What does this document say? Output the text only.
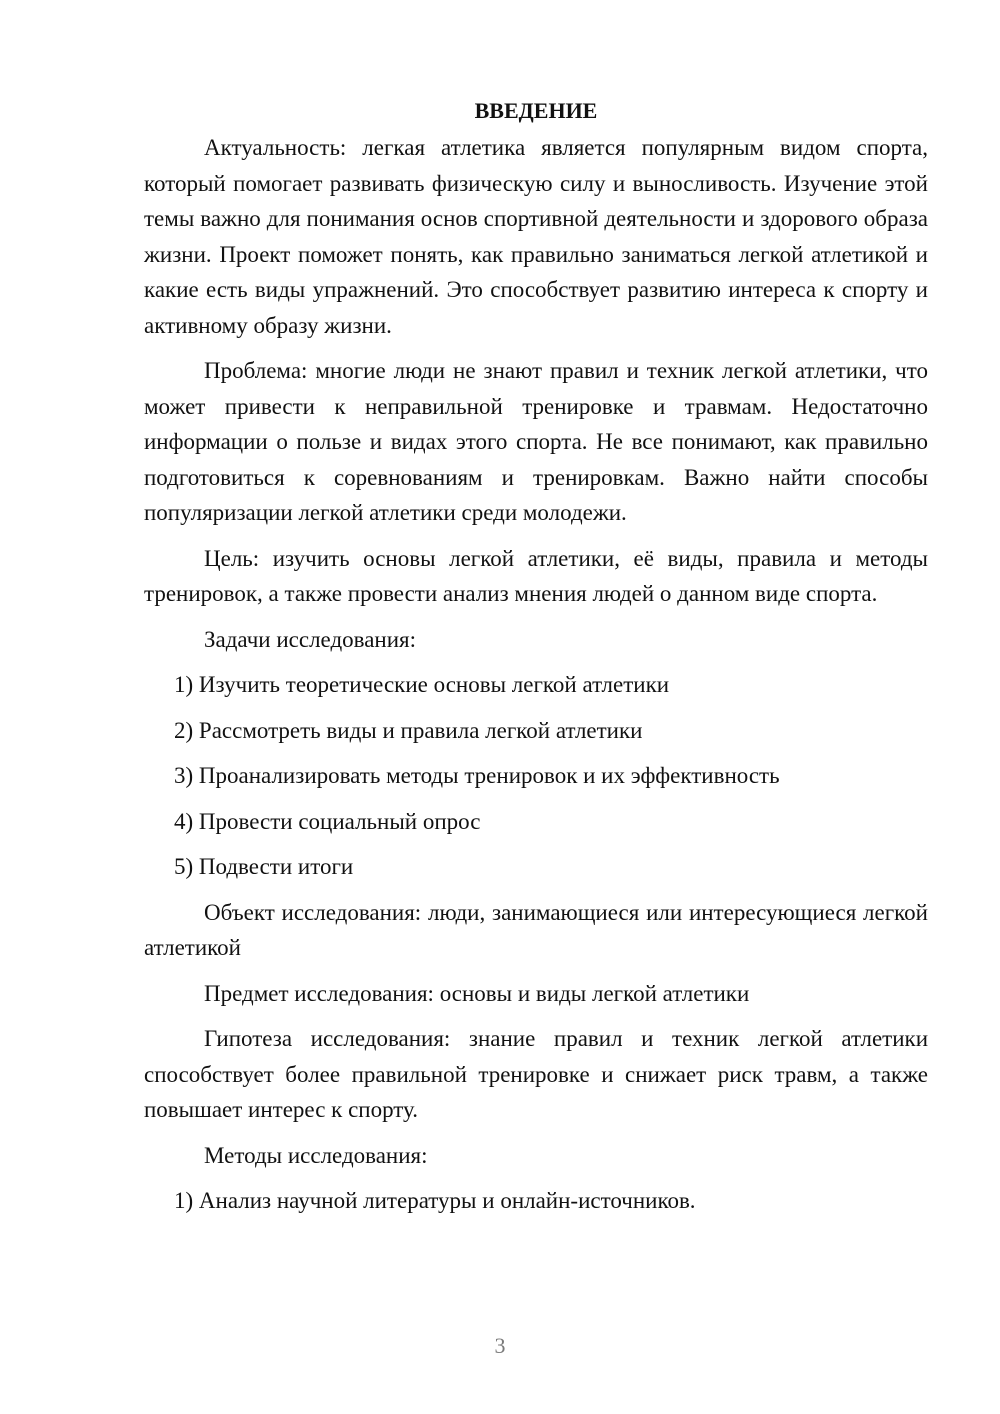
ВВЕДЕНИЕ

Актуальность: легкая атлетика является популярным видом спорта, который помогает развивать физическую силу и выносливость. Изучение этой темы важно для понимания основ спортивной деятельности и здорового образа жизни. Проект поможет понять, как правильно заниматься легкой атлетикой и какие есть виды упражнений. Это способствует развитию интереса к спорту и активному образу жизни.

Проблема: многие люди не знают правил и техник легкой атлетики, что может привести к неправильной тренировке и травмам. Недостаточно информации о пользе и видах этого спорта. Не все понимают, как правильно подготовиться к соревнованиям и тренировкам. Важно найти способы популяризации легкой атлетики среди молодежи.

Цель: изучить основы легкой атлетики, её виды, правила и методы тренировок, а также провести анализ мнения людей о данном виде спорта.

Задачи исследования:
1) Изучить теоретические основы легкой атлетики
2) Рассмотреть виды и правила легкой атлетики
3) Проанализировать методы тренировок и их эффективность
4) Провести социальный опрос
5) Подвести итоги

Объект исследования: люди, занимающиеся или интересующиеся легкой атлетикой

Предмет исследования: основы и виды легкой атлетики

Гипотеза исследования: знание правил и техник легкой атлетики способствует более правильной тренировке и снижает риск травм, а также повышает интерес к спорту.

Методы исследования:
1) Анализ научной литературы и онлайн-источников.
3
